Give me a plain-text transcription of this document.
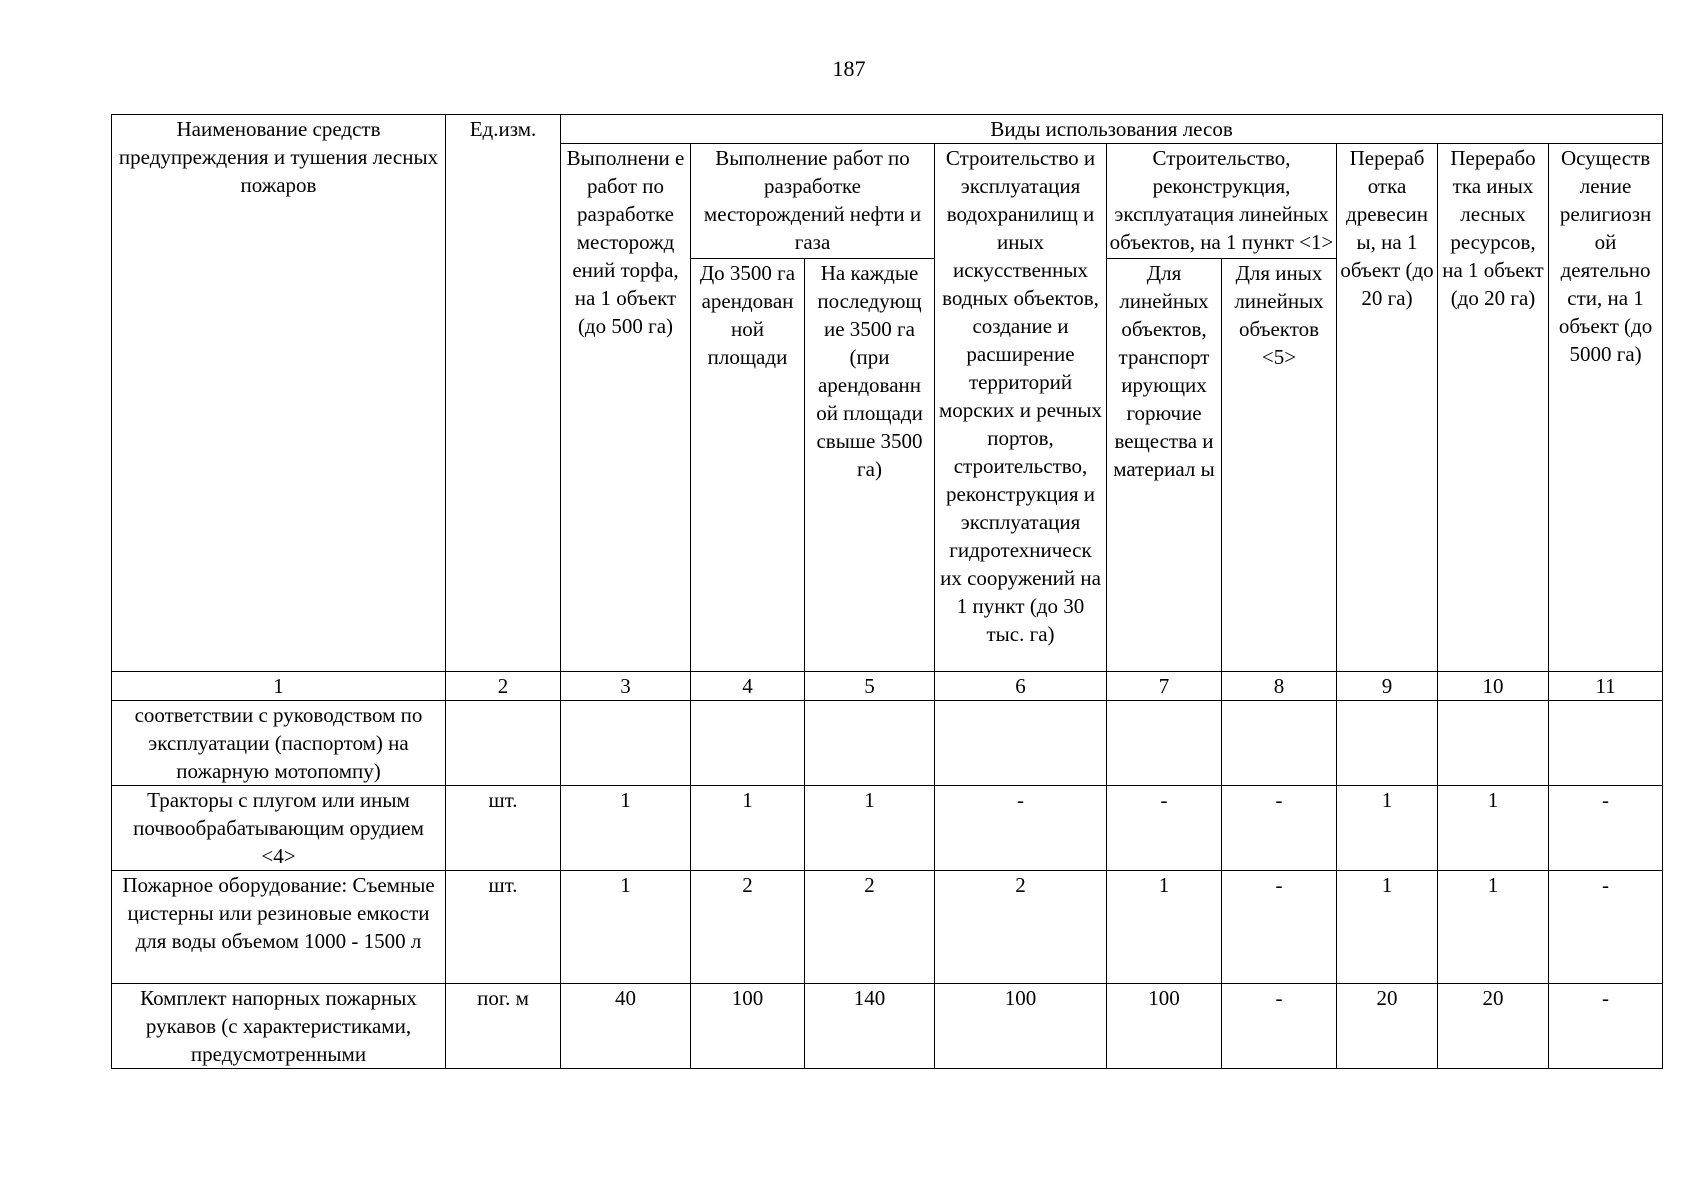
187
Наименование средств предупреждения и тушения лесных пожаров	Ед.изм.	Виды использования лесов								
		Выполнени е работ по разработке месторожд ений торфа, на 1 объект (до 500 га)	Выполнение работ по разработке месторождений нефти и газа		Строительство и эксплуатация водохранилищ и иных искусственных водных объектов, создание и расширение территорий морских и речных портов, строительство, реконструкция и эксплуатация гидротехническ их сооружений на 1 пункт (до 30 тыс. га)	Строительство, реконструкция, эксплуатация линейных объектов, на 1 пункт <1>		Перераб отка древесин ы, на 1 объект (до 20 га)	Перерабо тка иных лесных ресурсов, на 1 объект (до 20 га)	Осуществ ление религиозн ой деятельно сти, на 1 объект (до 5000 га)
			До 3500 га арендован ной площади	На каждые последующ ие 3500 га (при арендованн ой площади свыше 3500 га)		Для линейных объектов, транспорт ирующих горючие вещества и материал ы	Для иных линейных объектов <5>			
1	2	3	4	5	6	7	8	9	10	11
соответствии с руководством по эксплуатации (паспортом) на пожарную мотопомпу)										
Тракторы с плугом или иным почвообрабатывающим орудием <4>	шт.	1	1	1	-	-	-	1	1	-
Пожарное оборудование: Съемные цистерны или резиновые емкости для воды объемом 1000 - 1500 л	шт.	1	2	2	2	1	-	1	1	-
Комплект напорных пожарных рукавов (с характеристиками, предусмотренными	пог. м	40	100	140	100	100	-	20	20	-
